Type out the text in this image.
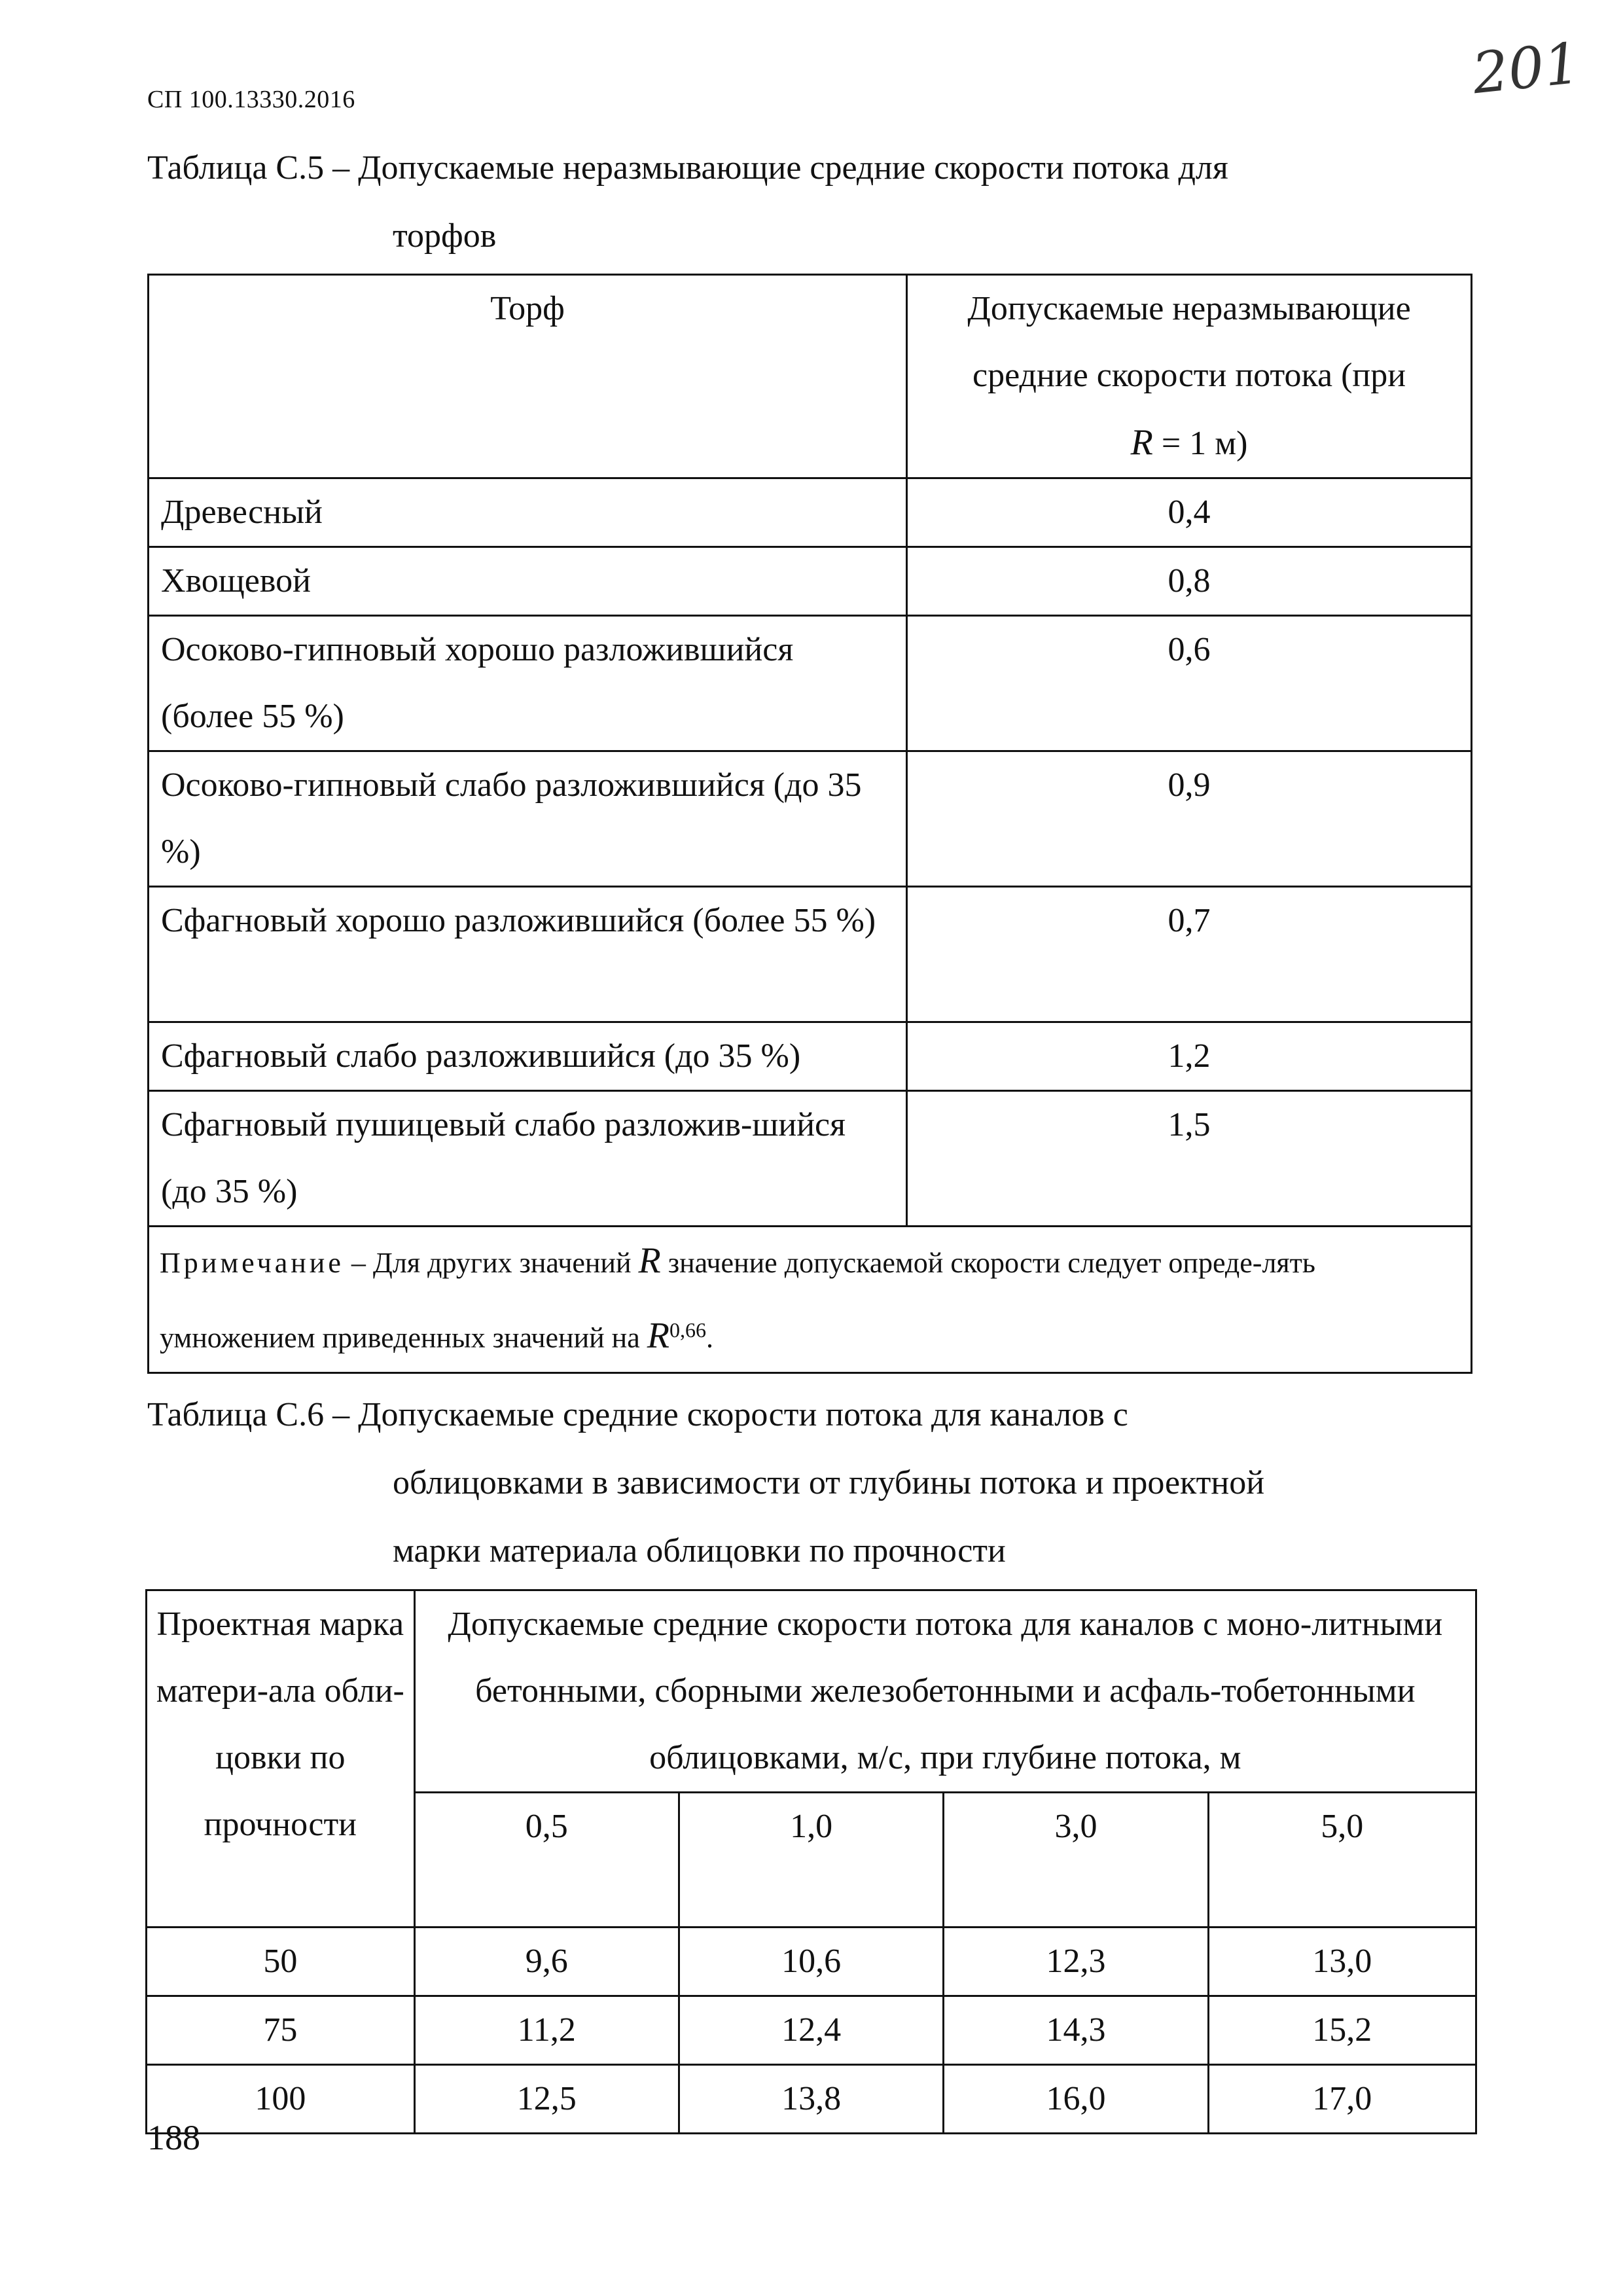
СП 100.13330.2016	201
Таблица С.5 – Допускаемые неразмывающие средние скорости потока для
торфов
Торф	Допускаемые неразмывающие
средние скорости потока (при
R = 1 м)
Древесный	0,4
Хвощевой	0,8
Осоково-гипновый хорошо разложившийся (более 55 %)	0,6
Осоково-гипновый слабо разложившийся (до 35 %)	0,9
Сфагновый хорошо разложившийся (более 55 %)	0,7
Сфагновый слабо разложившийся (до 35 %)	1,2
Сфагновый пушицевый слабо разложив-шийся (до 35 %)	1,5
Примечание – Для других значений R значение допускаемой скорости следует опреде-лять умножением приведенных значений на R$^{0,66}$.	
Таблица С.6 – Допускаемые средние скорости потока для каналов с
облицовками в зависимости от глубины потока и проектной
марки материала облицовки по прочности
Проектная марка матери-ала обли-цовки по прочности	Допускаемые средние скорости потока для каналов с моно-литными бетонными, сборными железобетонными и асфаль-тобетонными облицовками, м/с, при глубине потока, м			
	0,5	1,0	3,0	5,0
50	9,6	10,6	12,3	13,0
75	11,2	12,4	14,3	15,2
100	12,5	13,8	16,0	17,0
188
